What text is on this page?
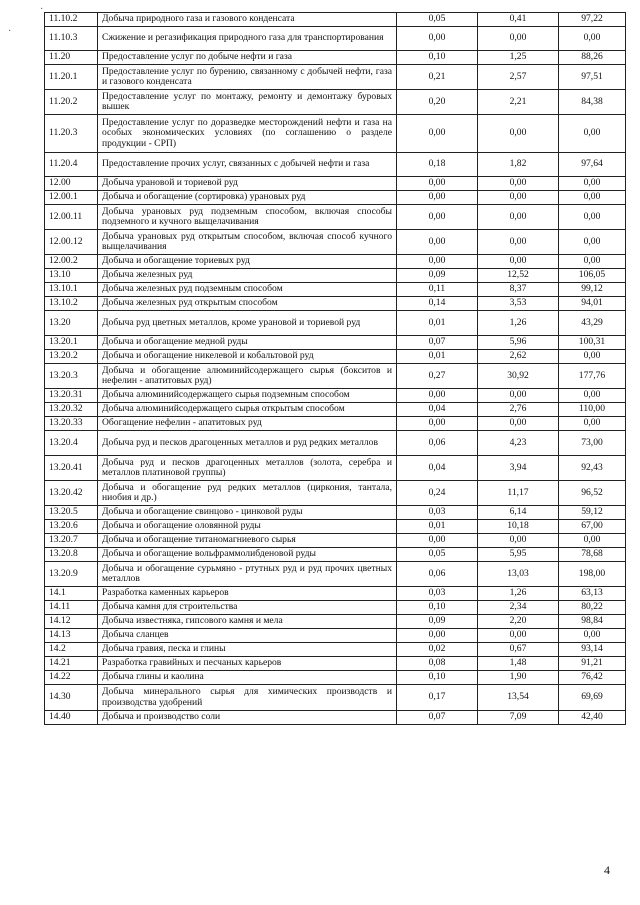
·
·
11.10.2	Добыча природного газа и газового конденсата	0,05	0,41	97,22
11.10.3	Сжижение и регазификация природного газа для транспортирования	0,00	0,00	0,00
11.20	Предоставление услуг по добыче нефти и газа	0,10	1,25	88,26
11.20.1	Предоставление услуг по бурению, связанному с добычей нефти, газа и газового конденсата	0,21	2,57	97,51
11.20.2	Предоставление услуг по монтажу, ремонту и демонтажу буровых вышек	0,20	2,21	84,38
11.20.3	Предоставление услуг по доразведке месторождений нефти и газа на особых экономических условиях (по соглашению о разделе продукции - СРП)	0,00	0,00	0,00
11.20.4	Предоставление прочих услуг, связанных с добычей нефти и газа	0,18	1,82	97,64
12.00	Добыча урановой и ториевой руд	0,00	0,00	0,00
12.00.1	Добыча и обогащение (сортировка) урановых руд	0,00	0,00	0,00
12.00.11	Добыча урановых руд подземным способом, включая способы подземного и кучного выщелачивания	0,00	0,00	0,00
12.00.12	Добыча урановых руд открытым способом, включая способ кучного выщелачивания	0,00	0,00	0,00
12.00.2	Добыча и обогащение ториевых руд	0,00	0,00	0,00
13.10	Добыча железных руд	0,09	12,52	106,05
13.10.1	Добыча железных руд подземным способом	0,11	8,37	99,12
13.10.2	Добыча железных руд открытым способом	0,14	3,53	94,01
13.20	Добыча руд цветных металлов, кроме урановой и ториевой руд	0,01	1,26	43,29
13.20.1	Добыча и обогащение медной руды	0,07	5,96	100,31
13.20.2	Добыча и обогащение никелевой и кобальтовой руд	0,01	2,62	0,00
13.20.3	Добыча и обогащение алюминийсодержащего сырья (бокситов и нефелин - апатитовых руд)	0,27	30,92	177,76
13.20.31	Добыча алюминийсодержащего сырья подземным способом	0,00	0,00	0,00
13.20.32	Добыча алюминийсодержащего сырья открытым способом	0,04	2,76	110,00
13.20.33	Обогащение нефелин - апатитовых руд	0,00	0,00	0,00
13.20.4	Добыча руд и песков драгоценных металлов и руд редких металлов	0,06	4,23	73,00
13.20.41	Добыча руд и песков драгоценных металлов (золота, серебра и металлов платиновой группы)	0,04	3,94	92,43
13.20.42	Добыча и обогащение руд редких металлов (циркония, тантала, ниобия и др.)	0,24	11,17	96,52
13.20.5	Добыча и обогащение свинцово - цинковой руды	0,03	6,14	59,12
13.20.6	Добыча и обогащение оловянной руды	0,01	10,18	67,00
13.20.7	Добыча и обогащение титаномагниевого сырья	0,00	0,00	0,00
13.20.8	Добыча и обогащение вольфраммолибденовой руды	0,05	5,95	78,68
13.20.9	Добыча и обогащение сурьмяно - ртутных руд и руд прочих цветных металлов	0,06	13,03	198,00
14.1	Разработка каменных карьеров	0,03	1,26	63,13
14.11	Добыча камня для строительства	0,10	2,34	80,22
14.12	Добыча известняка, гипсового камня и мела	0,09	2,20	98,84
14.13	Добыча сланцев	0,00	0,00	0,00
14.2	Добыча гравия, песка и глины	0,02	0,67	93,14
14.21	Разработка гравийных и песчаных карьеров	0,08	1,48	91,21
14.22	Добыча глины и каолина	0,10	1,90	76,42
14.30	Добыча минерального сырья для химических производств и производства удобрений	0,17	13,54	69,69
14.40	Добыча и производство соли	0,07	7,09	42,40
4
